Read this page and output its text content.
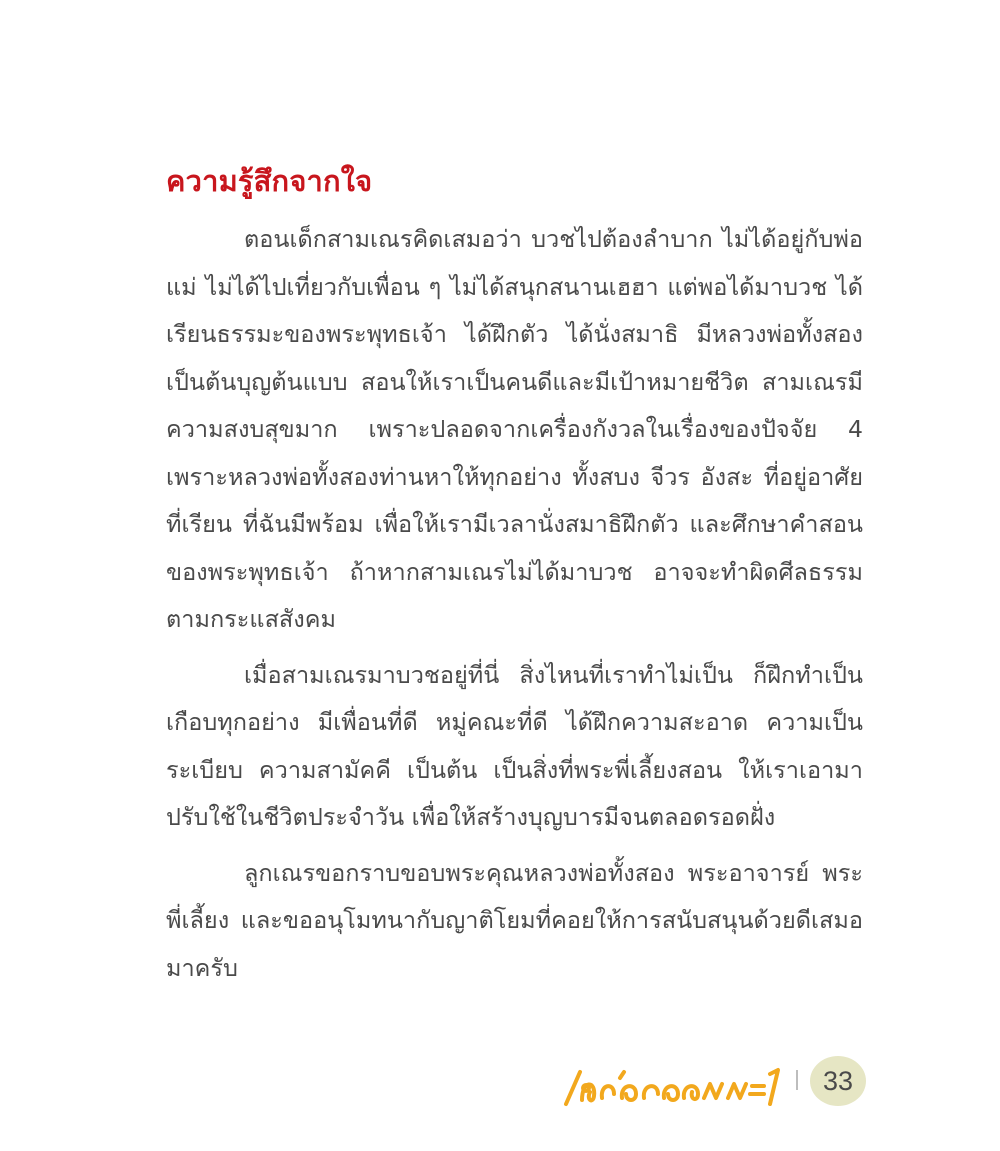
ความรู้สึกจากใจ

ตอนเด็กสามเณรคิดเสมอว่า บวชไปต้องลำบาก ไม่ได้อยู่กับพ่อแม่ ไม่ได้ไปเที่ยวกับเพื่อน ๆ ไม่ได้สนุกสนานเฮฮา แต่พอได้มาบวช ได้เรียนธรรมะของพระพุทธเจ้า ได้ฝึกตัว ได้นั่งสมาธิ มีหลวงพ่อทั้งสองเป็นต้นบุญต้นแบบ สอนให้เราเป็นคนดีและมีเป้าหมายชีวิต สามเณรมีความสงบสุขมาก เพราะปลอดจากเครื่องกังวลในเรื่องของปัจจัย 4 เพราะหลวงพ่อทั้งสองท่านหาให้ทุกอย่าง ทั้งสบง จีวร อังสะ ที่อยู่อาศัย ที่เรียน ที่ฉันมีพร้อม เพื่อให้เรามีเวลานั่งสมาธิฝึกตัว และศึกษาคำสอนของพระพุทธเจ้า ถ้าหากสามเณรไม่ได้มาบวช อาจจะทำผิดศีลธรรมตามกระแสสังคม

เมื่อสามเณรมาบวชอยู่ที่นี่ สิ่งไหนที่เราทำไม่เป็น ก็ฝึกทำเป็นเกือบทุกอย่าง มีเพื่อนที่ดี หมู่คณะที่ดี ได้ฝึกความสะอาด ความเป็นระเบียบ ความสามัคคี เป็นต้น เป็นสิ่งที่พระพี่เลี้ยงสอน ให้เราเอามาปรับใช้ในชีวิตประจำวัน เพื่อให้สร้างบุญบารมีจนตลอดรอดฝั่ง

ลูกเณรขอกราบขอบพระคุณหลวงพ่อทั้งสอง พระอาจารย์ พระพี่เลี้ยง และขออนุโมทนากับญาติโยมที่คอยให้การสนับสนุนด้วยดีเสมอมาครับ

33
